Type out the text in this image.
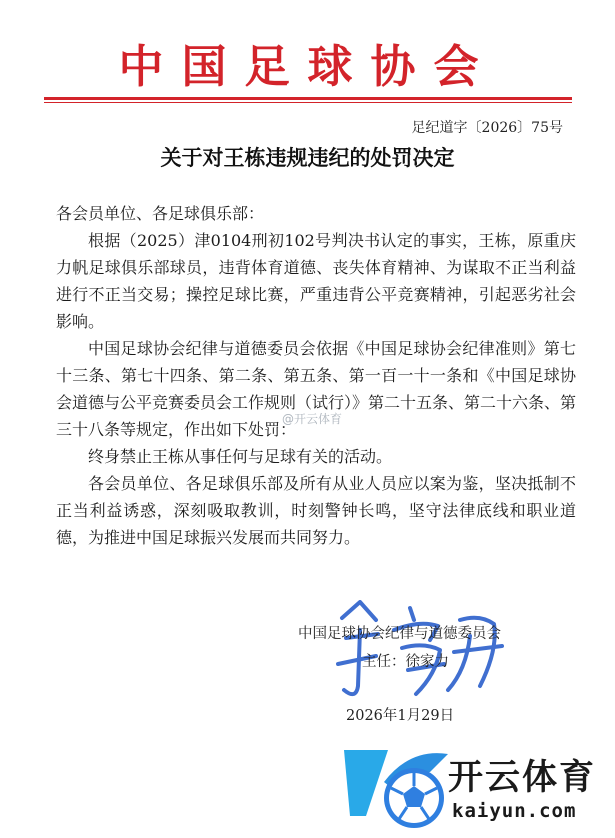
中国足球协会
足纪道字〔2026〕75号
关于对王栋违规违纪的处罚决定

各会员单位、各足球俱乐部：

根据（2025）津0104刑初102号判决书认定的事实，王栋，原重庆力帆足球俱乐部球员，违背体育道德、丧失体育精神、为谋取不正当利益进行不正当交易；操控足球比赛，严重违背公平竞赛精神，引起恶劣社会影响。

中国足球协会纪律与道德委员会依据《中国足球协会纪律准则》第七十三条、第七十四条、第二条、第五条、第一百一十一条和《中国足球协会道德与公平竞赛委员会工作规则（试行）》第二十五条、第二十六条、第三十八条等规定，作出如下处罚：

终身禁止王栋从事任何与足球有关的活动。

各会员单位、各足球俱乐部及所有从业人员应以案为鉴，坚决抵制不正当利益诱惑，深刻吸取教训，时刻警钟长鸣，坚守法律底线和职业道德，为推进中国足球振兴发展而共同努力。

@开云体育
中国足球协会纪律与道德委员会
主任：徐家力
2026年1月29日
开云体育
kaiyun.com
